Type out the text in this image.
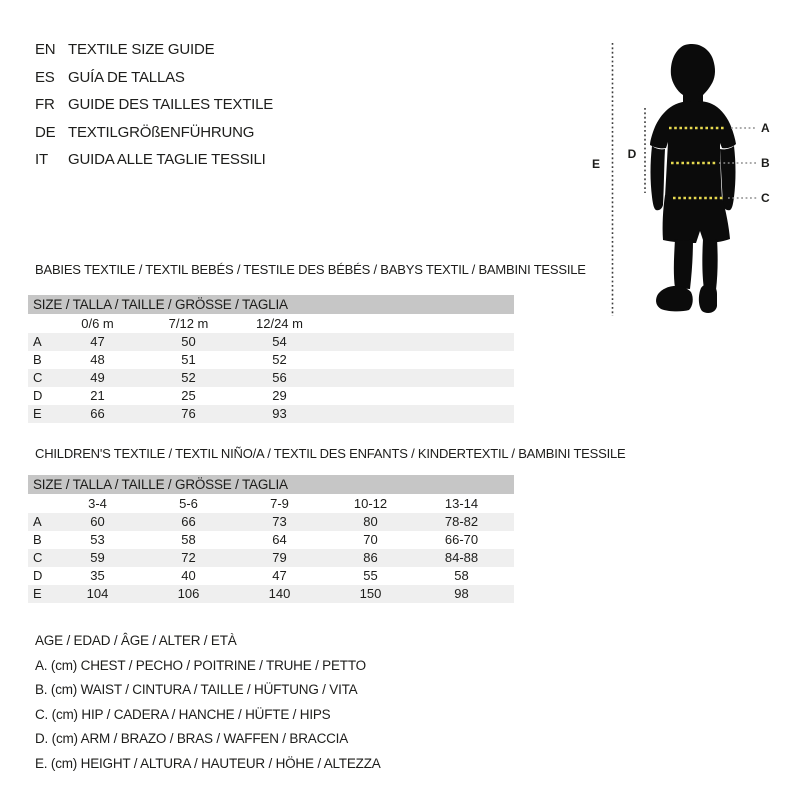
EN TEXTILE SIZE GUIDE
ES GUÍA DE TALLAS
FR GUIDE DES TAILLES TEXTILE
DE TEXTILGRÖßENFÜHRUNG
IT	GUIDA ALLE TAGLIE TESSILI
A
B
C
D
E
BABIES TEXTILE / TEXTIL BEBÉS / TESTILE DES BÉBÉS / BABYS TEXTIL / BAMBINI TESSILE
SIZE / TALLA / TAILLE / GRÖSSE / TAGLIA
	0/6 m	7/12 m	12/24 m	
A	47	50	54	
B	48	51	52	
C	49	52	56	
D	21	25	29	
E	66	76	93	
CHILDREN'S TEXTILE / TEXTIL NIÑO/A / TEXTIL DES ENFANTS / KINDERTEXTIL / BAMBINI TESSILE
SIZE / TALLA / TAILLE / GRÖSSE / TAGLIA
	3-4	5-6	7-9	10-12	13-14	
A	60	66	73	80	78-82	
B	53	58	64	70	66-70	
C	59	72	79	86	84-88	
D	35	40	47	55	58	
E	104	106	140	150	98	
AGE / EDAD / ÂGE / ALTER / ETÀ
A. (cm) CHEST / PECHO / POITRINE / TRUHE / PETTO
B. (cm) WAIST / CINTURA / TAILLE / HÜFTUNG / VITA
C. (cm) HIP / CADERA / HANCHE / HÜFTE / HIPS
D. (cm) ARM / BRAZO / BRAS / WAFFEN / BRACCIA
E. (cm) HEIGHT / ALTURA / HAUTEUR / HÖHE / ALTEZZA
